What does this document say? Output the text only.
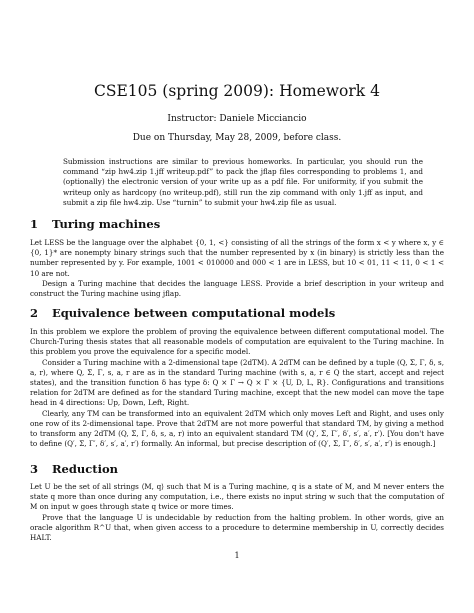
CSE105 (spring 2009): Homework 4
Instructor: Daniele Micciancio
Due on Thursday, May 28, 2009, before class.
Submission instructions are similar to previous homeworks. In particular, you should run the command “zip hw4.zip 1.jff writeup.pdf” to pack the jflap files corresponding to problems 1, and (optionally) the electronic version of your write up as a pdf file. For uniformity, if you submit the writeup only as hardcopy (no writeup.pdf), still run the zip command with only 1.jff as input, and submit a zip file hw4.zip. Use “turnin” to submit your hw4.zip file as usual.
1 Turing machines

Let LESS be the language over the alphabet {0, 1, <} consisting of all the strings of the form x < y where x, y ∈ {0, 1}* are nonempty binary strings such that the number represented by x (in binary) is strictly less than the number represented by y. For example, 1001 < 010000 and 000 < 1 are in LESS, but 10 < 01, 11 < 11, 0 < 1 < 10 are not.

Design a Turing machine that decides the language LESS. Provide a brief description in your writeup and construct the Turing machine using jflap.

2 Equivalence between computational models

In this problem we explore the problem of proving the equivalence between different computational model. The Church-Turing thesis states that all reasonable models of computation are equivalent to the Turing machine. In this problem you prove the equivalence for a specific model.

Consider a Turing machine with a 2-dimensional tape (2dTM). A 2dTM can be defined by a tuple (Q, Σ, Γ, δ, s, a, r), where Q, Σ, Γ, s, a, r are as in the standard Turing machine (with s, a, r ∈ Q the start, accept and reject states), and the transition function δ has type δ: Q × Γ → Q × Γ × {U, D, L, R}. Configurations and transitions relation for 2dTM are defined as for the standard Turing machine, except that the new model can move the tape head in 4 directions: Up, Down, Left, Right.

Clearly, any TM can be transformed into an equivalent 2dTM which only moves Left and Right, and uses only one row of its 2-dimensional tape. Prove that 2dTM are not more powerful that standard TM, by giving a method to transform any 2dTM (Q, Σ, Γ, δ, s, a, r) into an equivalent standard TM (Q′, Σ, Γ′, δ′, s′, a′, r′). [You don't have to define (Q′, Σ, Γ′, δ′, s′, a′, r′) formally. An informal, but precise description of (Q′, Σ, Γ′, δ′, s′, a′, r′) is enough.]

3 Reduction

Let U be the set of all strings ⟨M, q⟩ such that M is a Turing machine, q is a state of M, and M never enters the state q more than once during any computation, i.e., there exists no input string w such that the computation of M on input w goes through state q twice or more times.

Prove that the language U is undecidable by reduction from the halting problem. In other words, give an oracle algorithm R^U that, when given access to a procedure to determine membership in U, correctly decides HALT.

1
